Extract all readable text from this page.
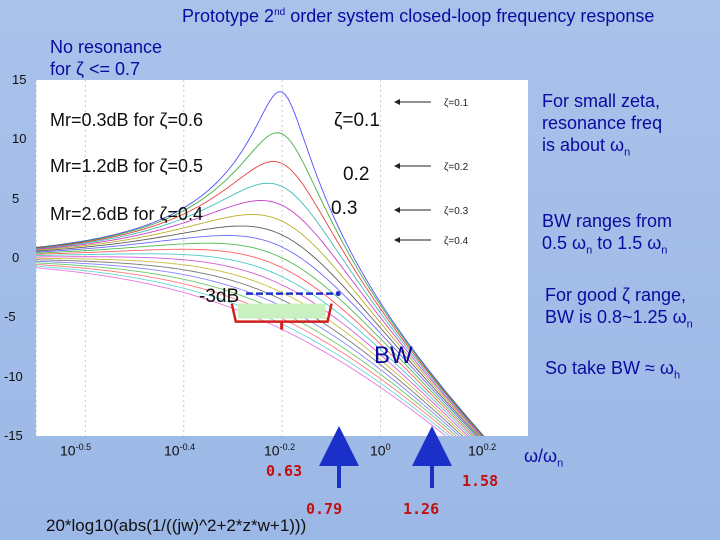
Prototype 2nd order system closed-loop frequency response
No resonance
for ζ <= 0.7
15
10
5
0
-5
-10
-15
ζ=0.1
ζ=0.2
ζ=0.3
ζ=0.4
Mr=0.3dB for ζ=0.6
Mr=1.2dB for ζ=0.5
Mr=2.6dB for ζ=0.4
ζ=0.1
0.2
0.3
-3dB
BW
For small zeta,
resonance freq
is about $\omega_n$
BW ranges from
0.5 $\omega_n$ to 1.5 $\omega_n$
For good ζ range,
BW is 0.8~1.25 $\omega_n$
So take BW ≈ $\omega_h$
$10^{-0.5}$	$10^{-0.4}$	$10^{-0.2}$	$10^0$	$10^{0.2}$ $\omega/\omega_n$
0.63
1.58
0.79	1.26
20*log10(abs(1/((jw)^2+2*z*w+1)))
